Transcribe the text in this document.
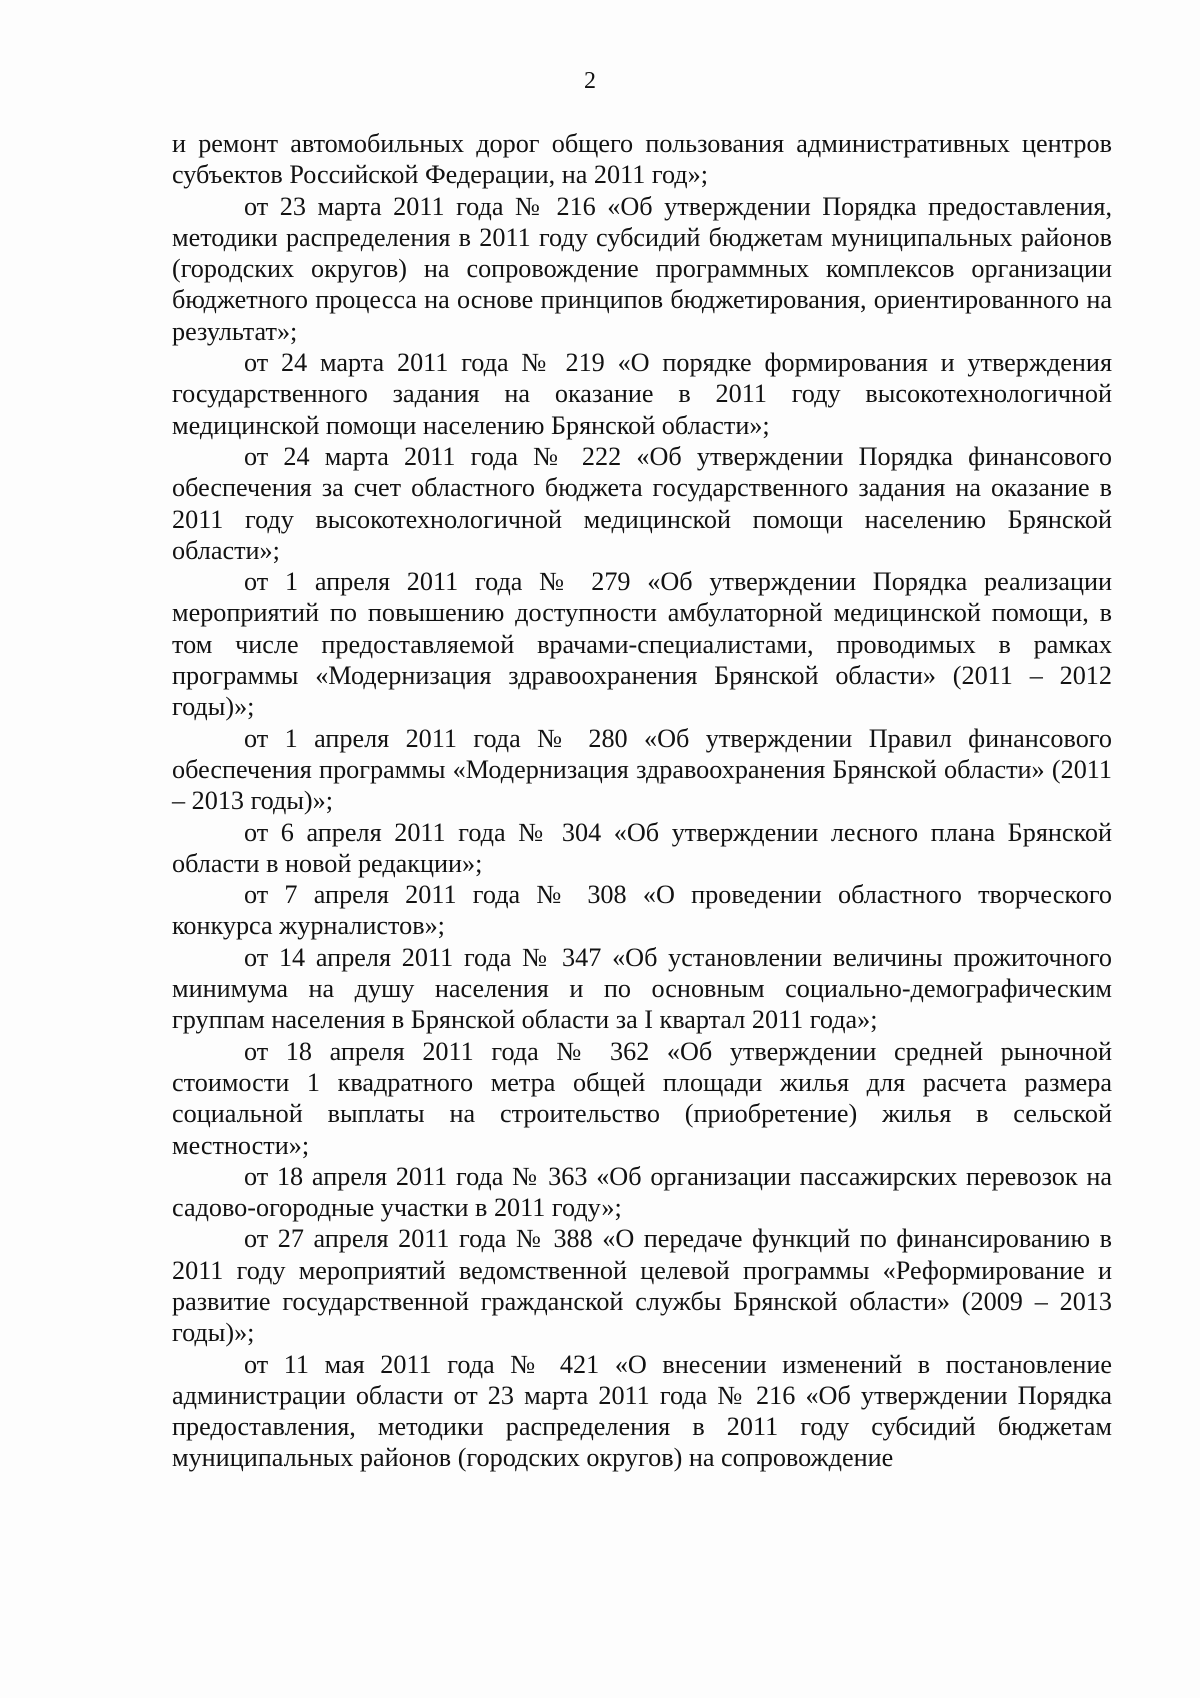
2

и ремонт автомобильных дорог общего пользования административных центров субъектов Российской Федерации, на 2011 год»;

от 23 марта 2011 года № 216 «Об утверждении Порядка предоставления, методики распределения в 2011 году субсидий бюджетам муниципальных районов (городских округов) на сопровождение программных комплексов организации бюджетного процесса на основе принципов бюджетирования, ориентированного на результат»;

от 24 марта 2011 года № 219 «О порядке формирования и утверждения государственного задания на оказание в 2011 году высокотехнологичной медицинской помощи населению Брянской области»;

от 24 марта 2011 года № 222 «Об утверждении Порядка финансового обеспечения за счет областного бюджета государственного задания на оказание в 2011 году высокотехнологичной медицинской помощи населению Брянской области»;

от 1 апреля 2011 года № 279 «Об утверждении Порядка реализации мероприятий по повышению доступности амбулаторной медицинской помощи, в том числе предоставляемой врачами-специалистами, проводимых в рамках программы «Модернизация здравоохранения Брянской области» (2011 – 2012 годы)»;

от 1 апреля 2011 года № 280 «Об утверждении Правил финансового обеспечения программы «Модернизация здравоохранения Брянской области» (2011 – 2013 годы)»;

от 6 апреля 2011 года № 304 «Об утверждении лесного плана Брянской области в новой редакции»;

от 7 апреля 2011 года № 308 «О проведении областного творческого конкурса журналистов»;

от 14 апреля 2011 года № 347 «Об установлении величины прожиточного минимума на душу населения и по основным социально-демографическим группам населения в Брянской области за I квартал 2011 года»;

от 18 апреля 2011 года № 362 «Об утверждении средней рыночной стоимости 1 квадратного метра общей площади жилья для расчета размера социальной выплаты на строительство (приобретение) жилья в сельской местности»;

от 18 апреля 2011 года № 363 «Об организации пассажирских перевозок на садово-огородные участки в 2011 году»;

от 27 апреля 2011 года № 388 «О передаче функций по финансированию в 2011 году мероприятий ведомственной целевой программы «Реформирование и развитие государственной гражданской службы Брянской области» (2009 – 2013 годы)»;

от 11 мая 2011 года № 421 «О внесении изменений в постановление администрации области от 23 марта 2011 года № 216 «Об утверждении Порядка предоставления, методики распределения в 2011 году субсидий бюджетам муниципальных районов (городских округов) на сопровождение
